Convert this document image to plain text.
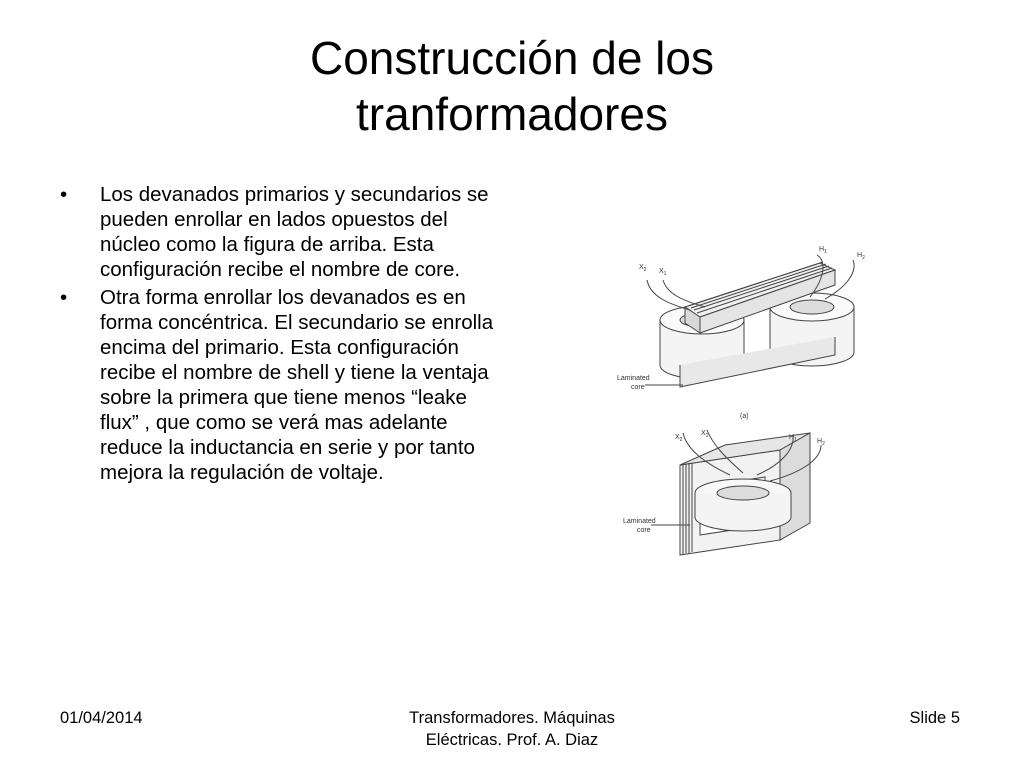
Construcción de los
tranformadores
•	Los devanados primarios y secundarios se pueden enrollar en lados opuestos del núcleo como la figura de arriba. Esta configuración recibe el nombre de core.
•	Otra forma enrollar los devanados es en forma concéntrica. El secundario se enrolla encima del primario. Esta configuración recibe el nombre de shell y tiene la ventaja sobre la primera que tiene menos “leake flux” , que como se verá mas adelante reduce la inductancia en serie y por tanto mejora la regulación de voltaje.
$X_2$ $X_1$
$H_1$	$H_2$
Laminated
core
(a)
$X_2$
$X_1$	$H_1$	$H_2$
Laminated
core
01/04/2014	Transformadores. Máquinas
Eléctricas. Prof. A. Diaz
Slide 5
